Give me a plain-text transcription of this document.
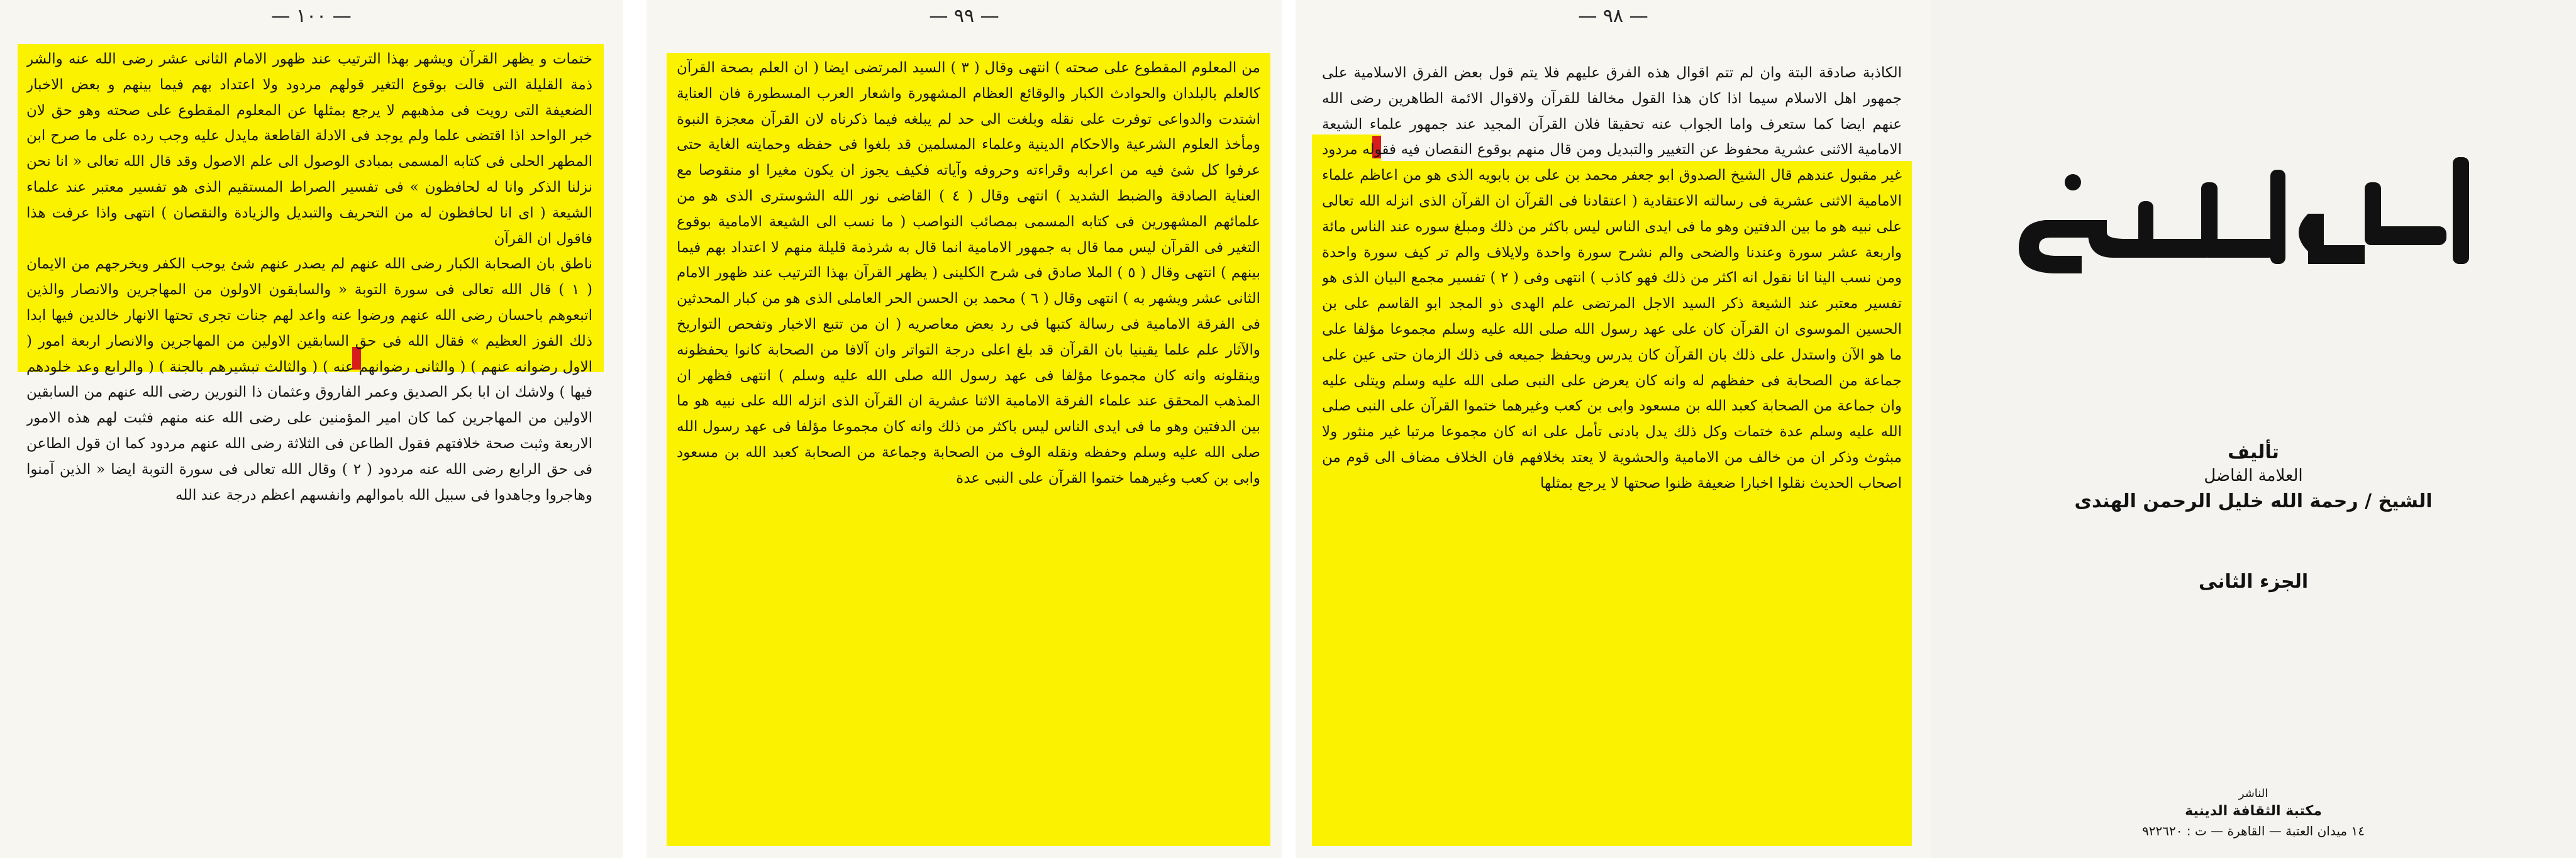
— ١٠٠ —

ختمات و يظهر القرآن ويشهر بهذا الترتيب عند ظهور الامام الثانى عشر رضى الله عنه والشر ذمة القليلة التى قالت بوقوع التغير قولهم مردود ولا اعتداد بهم فيما بينهم و بعض الاخبار الضعيفة التى رويت فى مذهبهم لا يرجع بمثلها عن المعلوم المقطوع على صحته وهو حق لان خبر الواحد اذا اقتضى علما ولم يوجد فى الادلة القاطعة مايدل عليه وجب رده على ما صرح ابن المطهر الحلى فى كتابه المسمى بمبادى الوصول الى علم الاصول وقد قال الله تعالى « انا نحن نزلنا الذكر وانا له لحافظون » فى تفسير الصراط المستقيم الذى هو تفسير معتبر عند علماء الشيعة ( اى انا لحافظون له من التحريف والتبديل والزيادة والنقصان ) انتهى واذا عرفت هذا فاقول ان القرآن

ناطق بان الصحابة الكبار رضى الله عنهم لم يصدر عنهم شئ يوجب الكفر ويخرجهم من الايمان ( ١ ) قال الله تعالى فى سورة التوبة « والسابقون الاولون من المهاجرين والانصار والذين اتبعوهم باحسان رضى الله عنهم ورضوا عنه واعد لهم جنات تجرى تحتها الانهار خالدين فيها ابدا ذلك الفوز العظيم » فقال الله فى حق السابقين الاولين من المهاجرين والانصار اربعة امور ( الاول رضوانه عنهم ) ( والثانى رضوانهم عنه ) ( والثالث تبشيرهم بالجنة ) ( والرابع وعد خلودهم فيها ) ولاشك ان ابا بكر الصديق وعمر الفاروق وعثمان ذا النورين رضى الله عنهم من السابقين الاولين من المهاجرين كما كان امير المؤمنين على رضى الله عنه منهم فثبت لهم هذه الامور الاربعة وثبت صحة خلافتهم فقول الطاعن فى الثلاثة رضى الله عنهم مردود كما ان قول الطاعن فى حق الرابع رضى الله عنه مردود ( ٢ ) وقال الله تعالى فى سورة التوبة ايضا « الذين آمنوا وهاجروا وجاهدوا فى سبيل الله باموالهم وانفسهم اعظم درجة عند الله

— ٩٩ —

من المعلوم المقطوع على صحته ) انتهى وقال ( ٣ ) السيد المرتضى ايضا ( ان العلم بصحة القرآن كالعلم بالبلدان والحوادث الكبار والوقائع العظام المشهورة واشعار العرب المسطورة فان العناية اشتدت والدواعى توفرت على نقله وبلغت الى حد لم يبلغه فيما ذكرناه لان القرآن معجزة النبوة ومأخذ العلوم الشرعية والاحكام الدينية وعلماء المسلمين قد بلغوا فى حفظه وحمايته الغاية حتى عرفوا كل شئ فيه من اعرابه وقراءته وحروفه وآياته فكيف يجوز ان يكون مغيرا او منقوصا مع العناية الصادقة والضبط الشديد ) انتهى وقال ( ٤ ) القاضى نور الله الشوسترى الذى هو من علمائهم المشهورين فى كتابه المسمى بمصائب النواصب ( ما نسب الى الشيعة الامامية بوقوع التغير فى القرآن ليس مما قال به جمهور الامامية انما قال به شرذمة قليلة منهم لا اعتداد بهم فيما بينهم ) انتهى وقال ( ٥ ) الملا صادق فى شرح الكلينى ( يظهر القرآن بهذا الترتيب عند ظهور الامام الثانى عشر ويشهر به ) انتهى وقال ( ٦ ) محمد بن الحسن الحر العاملى الذى هو من كبار المحدثين فى الفرقة الامامية فى رسالة كتبها فى رد بعض معاصريه ( ان من تتبع الاخبار وتفحص التواريخ والآثار علم علما يقينيا بان القرآن قد بلغ اعلى درجة التواتر وان آلافا من الصحابة كانوا يحفظونه وينقلونه وانه كان مجموعا مؤلفا فى عهد رسول الله صلى الله عليه وسلم ) انتهى فظهر ان المذهب المحقق عند علماء الفرقة الامامية الاثنا عشرية ان القرآن الذى انزله الله على نبيه هو ما بين الدفتين وهو ما فى ايدى الناس ليس باكثر من ذلك وانه كان مجموعا مؤلفا فى عهد رسول الله صلى الله عليه وسلم وحفظه ونقله الوف من الصحابة وجماعة من الصحابة كعبد الله بن مسعود وابى بن كعب وغيرهما ختموا القرآن على النبى عدة

— ٩٨ —

الكاذبة صادقة البتة وان لم تتم اقوال هذه الفرق عليهم فلا يتم قول بعض الفرق الاسلامية على جمهور اهل الاسلام سيما اذا كان هذا القول مخالفا للقرآن ولاقوال الائمة الطاهرين رضى الله عنهم ايضا كما ستعرف واما الجواب عنه تحقيقا فلان القرآن المجيد عند جمهور علماء الشيعة الامامية الاثنى عشرية محفوظ عن التغيير والتبديل ومن قال منهم بوقوع النقصان فيه فقوله مردود غير مقبول عندهم قال الشيخ الصدوق ابو جعفر محمد بن على بن بابويه الذى هو من اعاظم علماء الامامية الاثنى عشرية فى رسالته الاعتقادية ( اعتقادنا فى القرآن ان القرآن الذى انزله الله تعالى على نبيه هو ما بين الدفتين وهو ما فى ايدى الناس ليس باكثر من ذلك ومبلغ سوره عند الناس مائة واربعة عشر سورة وعندنا والضحى والم نشرح سورة واحدة ولايلاف والم تر كيف سورة واحدة ومن نسب الينا انا نقول انه اكثر من ذلك فهو كاذب ) انتهى وفى ( ٢ ) تفسير مجمع البيان الذى هو تفسير معتبر عند الشيعة ذكر السيد الاجل المرتضى علم الهدى ذو المجد ابو القاسم على بن الحسين الموسوى ان القرآن كان على عهد رسول الله صلى الله عليه وسلم مجموعا مؤلفا على ما هو الآن واستدل على ذلك بان القرآن كان يدرس ويحفظ جميعه فى ذلك الزمان حتى عين على جماعة من الصحابة فى حفظهم له وانه كان يعرض على النبى صلى الله عليه وسلم ويتلى عليه وان جماعة من الصحابة كعبد الله بن مسعود وابى بن كعب وغيرهما ختموا القرآن على النبى صلى الله عليه وسلم عدة ختمات وكل ذلك يدل بادنى تأمل على انه كان مجموعا مرتبا غير منثور ولا مبثوث وذكر ان من خالف من الامامية والحشوية لا يعتد بخلافهم فان الخلاف مضاف الى قوم من اصحاب الحديث نقلوا اخبارا ضعيفة ظنوا صحتها لا يرجع بمثلها

تأليف
العلامة الفاضل
الشيخ / رحمة الله خليل الرحمن الهندى
الجزء الثانى
الناشر
مكتبة الثقافة الدينية
١٤ ميدان العتبة — القاهرة — ت : ٩٢٢٦٢٠
